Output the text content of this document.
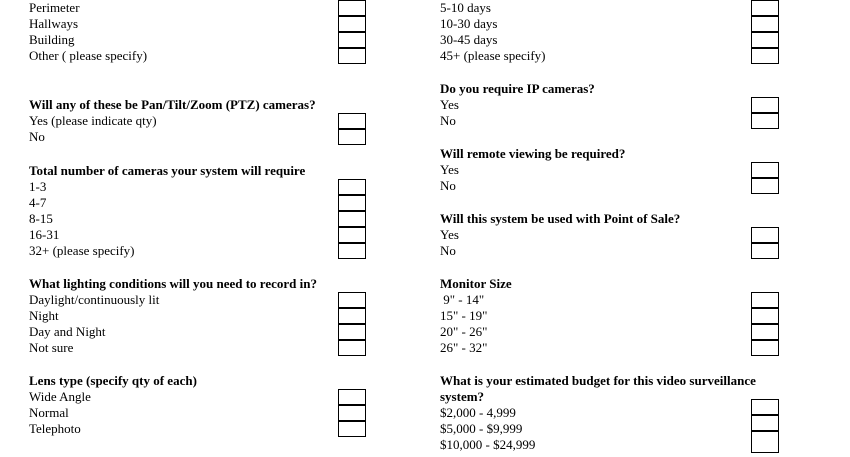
Perimeter
Hallways
Building
Other ( please specify)
Will any of these be Pan/Tilt/Zoom (PTZ) cameras?
Yes (please indicate qty)
No
Total number of cameras your system will require
1-3
4-7
8-15
16-31
32+ (please specify)
What lighting conditions will you need to record in?
Daylight/continuously lit
Night
Day and Night
Not sure
Lens type (specify qty of each)
Wide Angle
Normal
Telephoto
5-10 days
10-30 days
30-45 days
45+ (please specify)
Do you require IP cameras?
Yes
No
Will remote viewing be required?
Yes
No
Will this system be used with Point of Sale?
Yes
No
Monitor Size
9" - 14"
15" - 19"
20" - 26"
26" - 32"
What is your estimated budget for this video surveillance
system?
$2,000 - 4,999
$5,000 - $9,999
$10,000 - $24,999
